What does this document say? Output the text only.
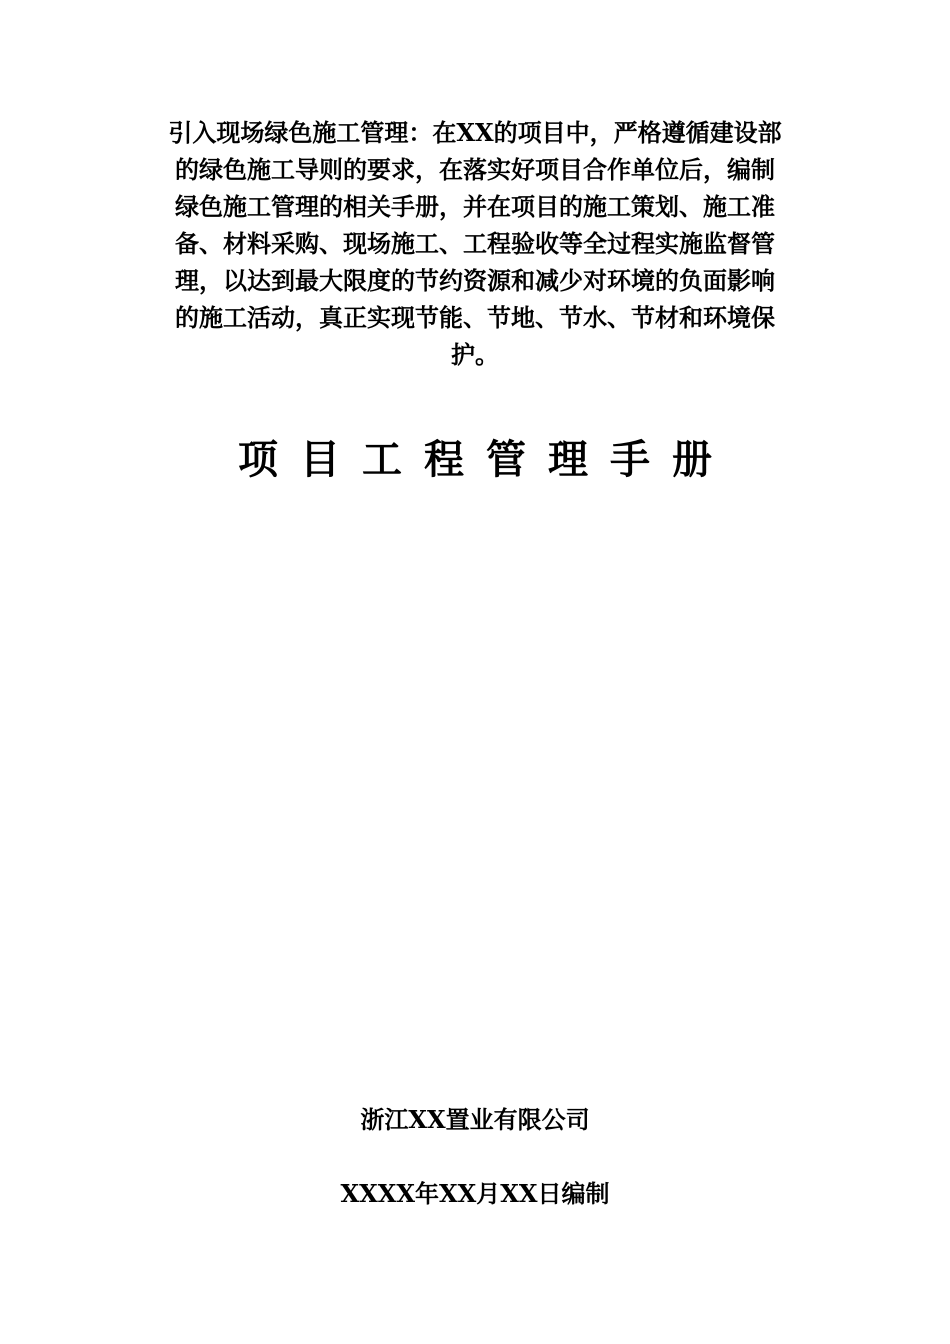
引入现场绿色施工管理：在XX的项目中，严格遵循建设部
的绿色施工导则的要求，在落实好项目合作单位后，编制
绿色施工管理的相关手册，并在项目的施工策划、施工准
备、材料采购、现场施工、工程验收等全过程实施监督管
理，以达到最大限度的节约资源和减少对环境的负面影响
的施工活动，真正实现节能、节地、节水、节材和环境保
护。
项目工程管理手册
浙江XX置业有限公司
XXXX年XX月XX日编制
